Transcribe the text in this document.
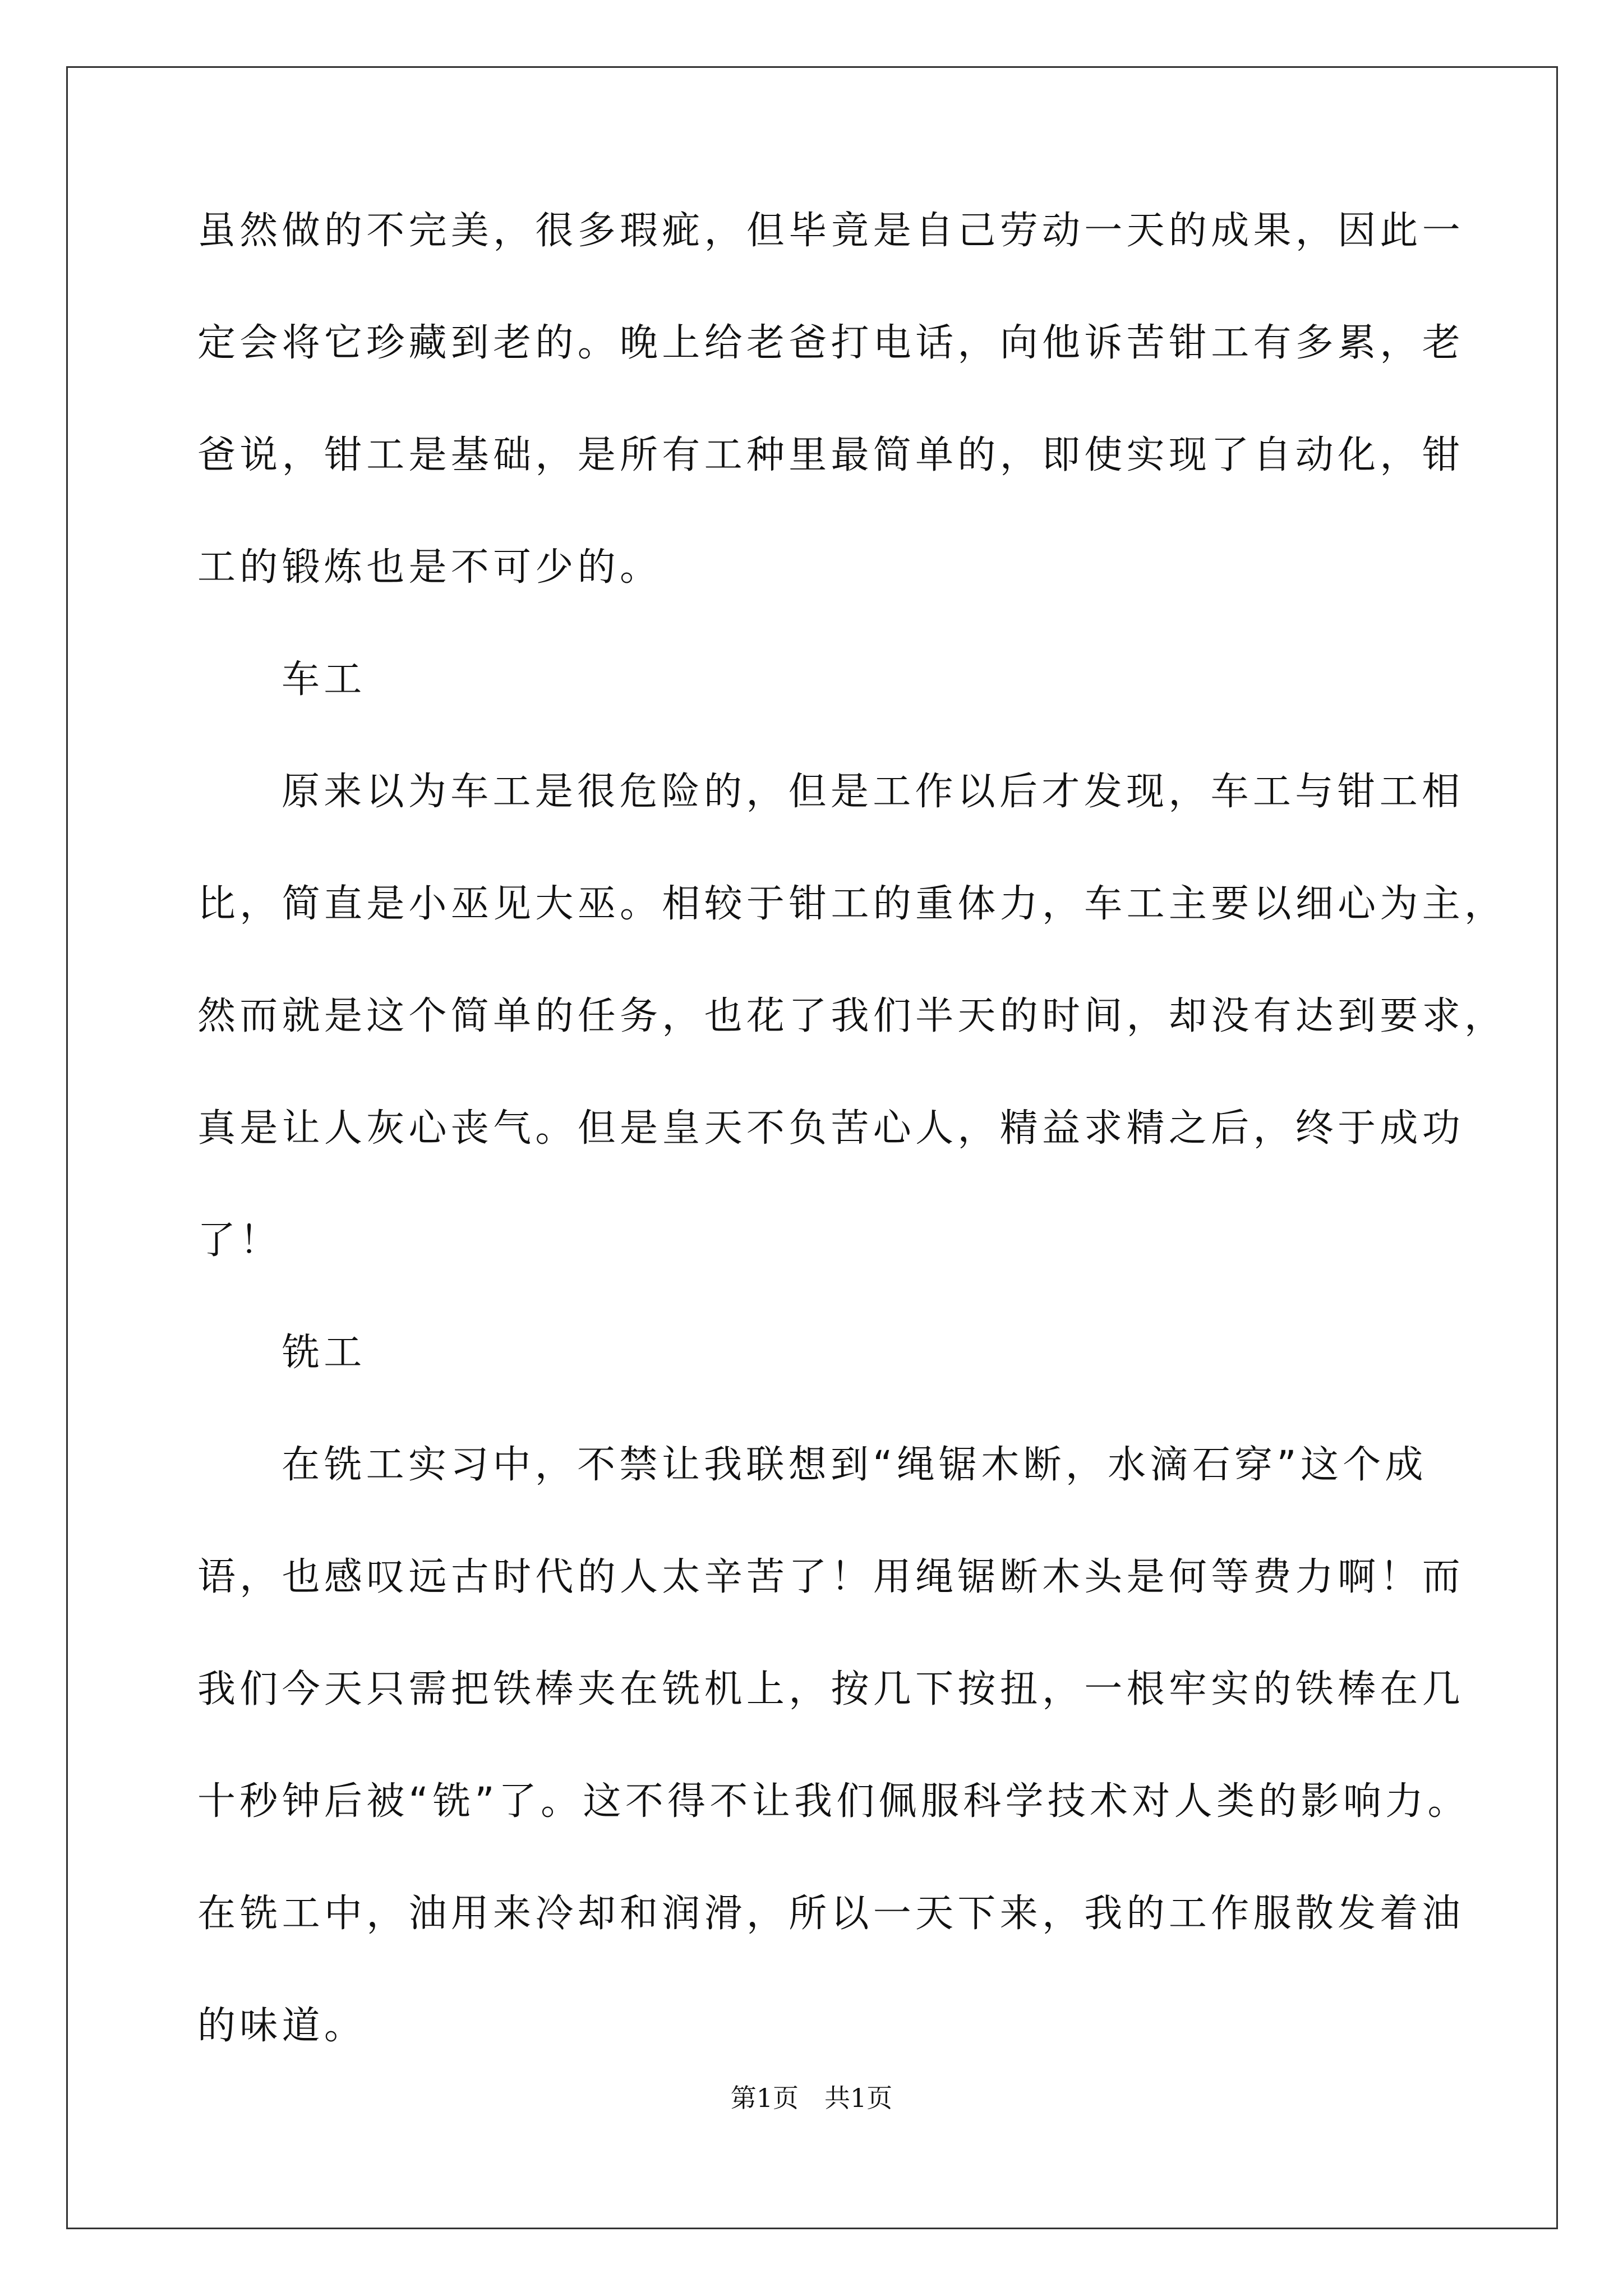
虽然做的不完美，很多瑕疵，但毕竟是自己劳动一天的成果，因此一
定会将它珍藏到老的。晚上给老爸打电话，向他诉苦钳工有多累，老
爸说，钳工是基础，是所有工种里最简单的，即使实现了自动化，钳
工的锻炼也是不可少的。
车工
原来以为车工是很危险的，但是工作以后才发现，车工与钳工相
比，简直是小巫见大巫。相较于钳工的重体力，车工主要以细心为主，
然而就是这个简单的任务，也花了我们半天的时间，却没有达到要求，
真是让人灰心丧气。但是皇天不负苦心人，精益求精之后，终于成功
了！
铣工
在铣工实习中，不禁让我联想到“绳锯木断，水滴石穿”这个成
语，也感叹远古时代的人太辛苦了！用绳锯断木头是何等费力啊！而
我们今天只需把铁棒夹在铣机上，按几下按扭，一根牢实的铁棒在几
十秒钟后被“铣”了。这不得不让我们佩服科学技术对人类的影响力。
在铣工中，油用来冷却和润滑，所以一天下来，我的工作服散发着油
的味道。
第1页　共1页
